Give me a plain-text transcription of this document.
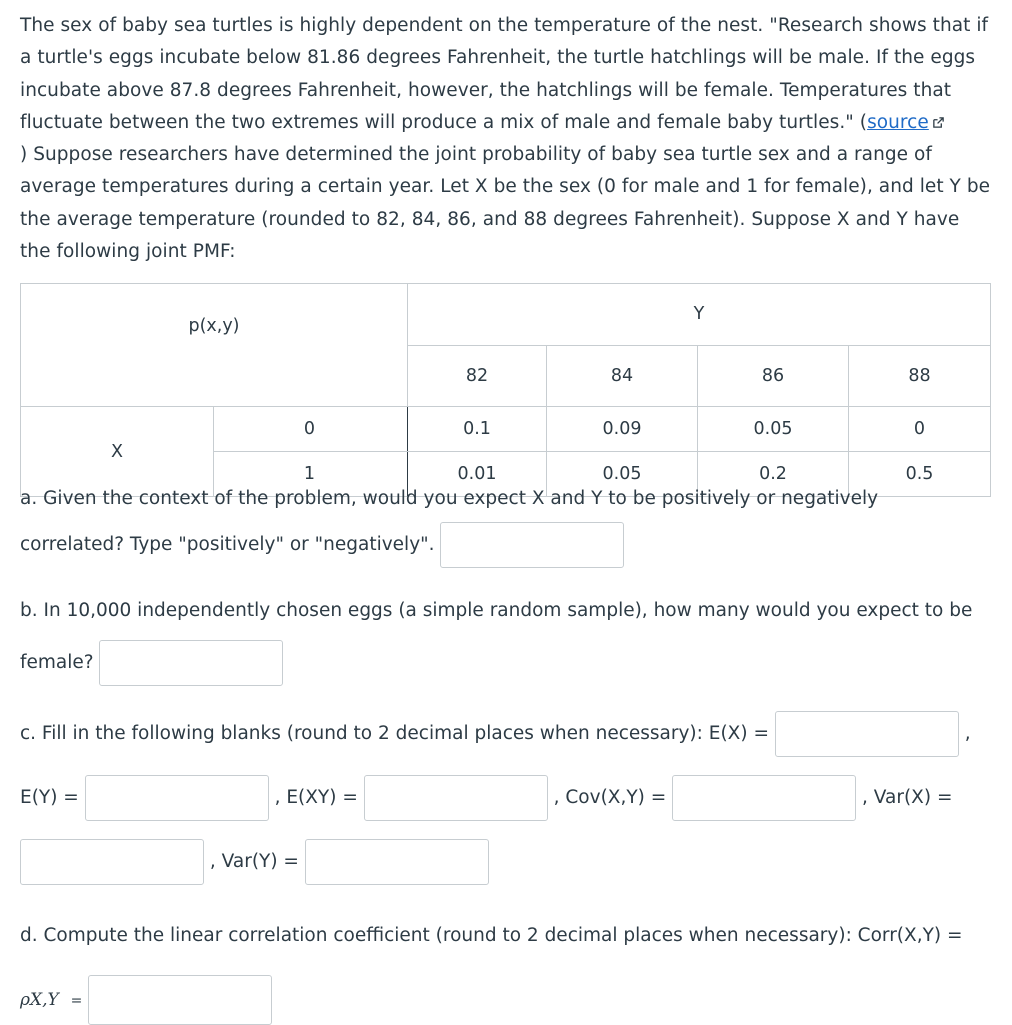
The sex of baby sea turtles is highly dependent on the temperature of the nest. "Research shows that if a turtle's eggs incubate below 81.86 degrees Fahrenheit, the turtle hatchlings will be male. If the eggs incubate above 87.8 degrees Fahrenheit, however, the hatchlings will be female. Temperatures that fluctuate between the two extremes will produce a mix of male and female baby turtles." (source
) Suppose researchers have determined the joint probability of baby sea turtle sex and a range of average temperatures during a certain year. Let X be the sex (0 for male and 1 for female), and let Y be the average temperature (rounded to 82, 84, 86, and 88 degrees Fahrenheit). Suppose X and Y have the following joint PMF:

p(x,y)		Y			
		82	84	86	88
X	0	0.1	0.09	0.05	0
	1	0.01	0.05	0.2	0.5
a. Given the context of the problem, would you expect X and Y to be positively or negatively
correlated? Type "positively" or "negatively".
b. In 10,000 independently chosen eggs (a simple random sample), how many would you expect to be
female?
c. Fill in the following blanks (round to 2 decimal places when necessary): E(X) =	,
E(Y) =	, E(XY) =	, Cov(X,Y) =	, Var(X) =
, Var(Y) =
d. Compute the linear correlation coefficient (round to 2 decimal places when necessary): Corr(X,Y) =
ρX,Y =
